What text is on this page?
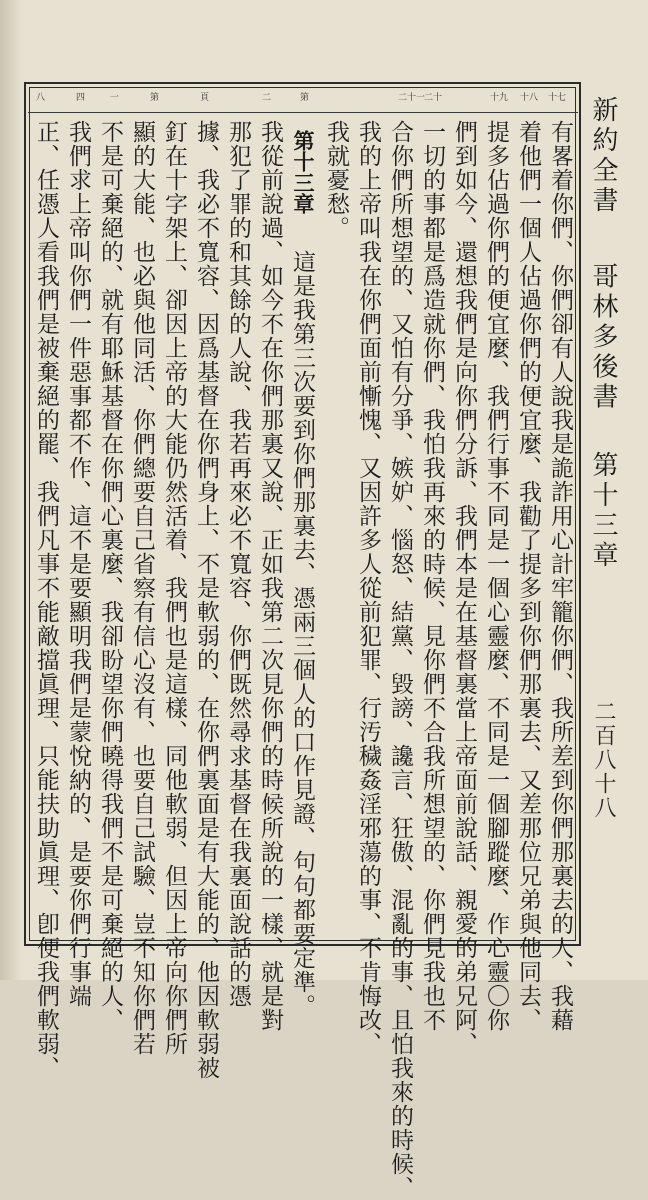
八	四	一	第	頁	二	第	二十一
二十	十九 十八 十七 新約全書  哥林多後書  第十三章
二百八十八
有畧着你們、你們卻有人說我是詭詐用心計牢籠你們、我所差到你們那裏去的人、我藉
着他們一個人佔過你們的便宜麼、我勸了提多到你們那裏去、又差那位兄弟與他同去、
提多佔過你們的便宜麼、我們行事不同是一個心靈麼、不同是一個腳蹤麼、作心靈〇你
們到如今、還想我們是向你們分訴、我們本是在基督裏當上帝面前說話、親愛的弟兄阿、
一切的事都是爲造就你們、我怕我再來的時候、見你們不合我所想望的、你們見我也不
合你們所想望的、又怕有分爭、嫉妒、惱怒、結黨、毀謗、讒言、狂傲、混亂的事、且怕我來的時候、
我的上帝叫我在你們面前慚愧、又因許多人從前犯罪、行汚穢姦淫邪蕩的事、不肯悔改、
我就憂愁。
第十三章
這是我第三次要到你們那裏去、憑兩三個人的口作見證、句句都要定準。
我從前說過、如今不在你們那裏又說、正如我第二次見你們的時候所說的一樣、就是對
那犯了罪的和其餘的人說、我若再來必不寬容、你們既然尋求基督在我裏面說話的憑
據、我必不寬容、因爲基督在你們身上、不是軟弱的、在你們裏面是有大能的、他因軟弱被
釘在十字架上、卻因上帝的大能仍然活着、我們也是這樣、同他軟弱、但因上帝向你們所
顯的大能、也必與他同活、你們總要自己省察有信心沒有、也要自己試驗、豈不知你們若
不是可棄絕的、就有耶穌基督在你們心裏麼、我卻盼望你們曉得我們不是可棄絕的人、
我們求上帝叫你們一件惡事都不作、這不是要顯明我們是蒙悅納的、是要你們行事端
正、任憑人看我們是被棄絕的罷、我們凡事不能敵擋眞理、只能扶助眞理、卽便我們軟弱、
